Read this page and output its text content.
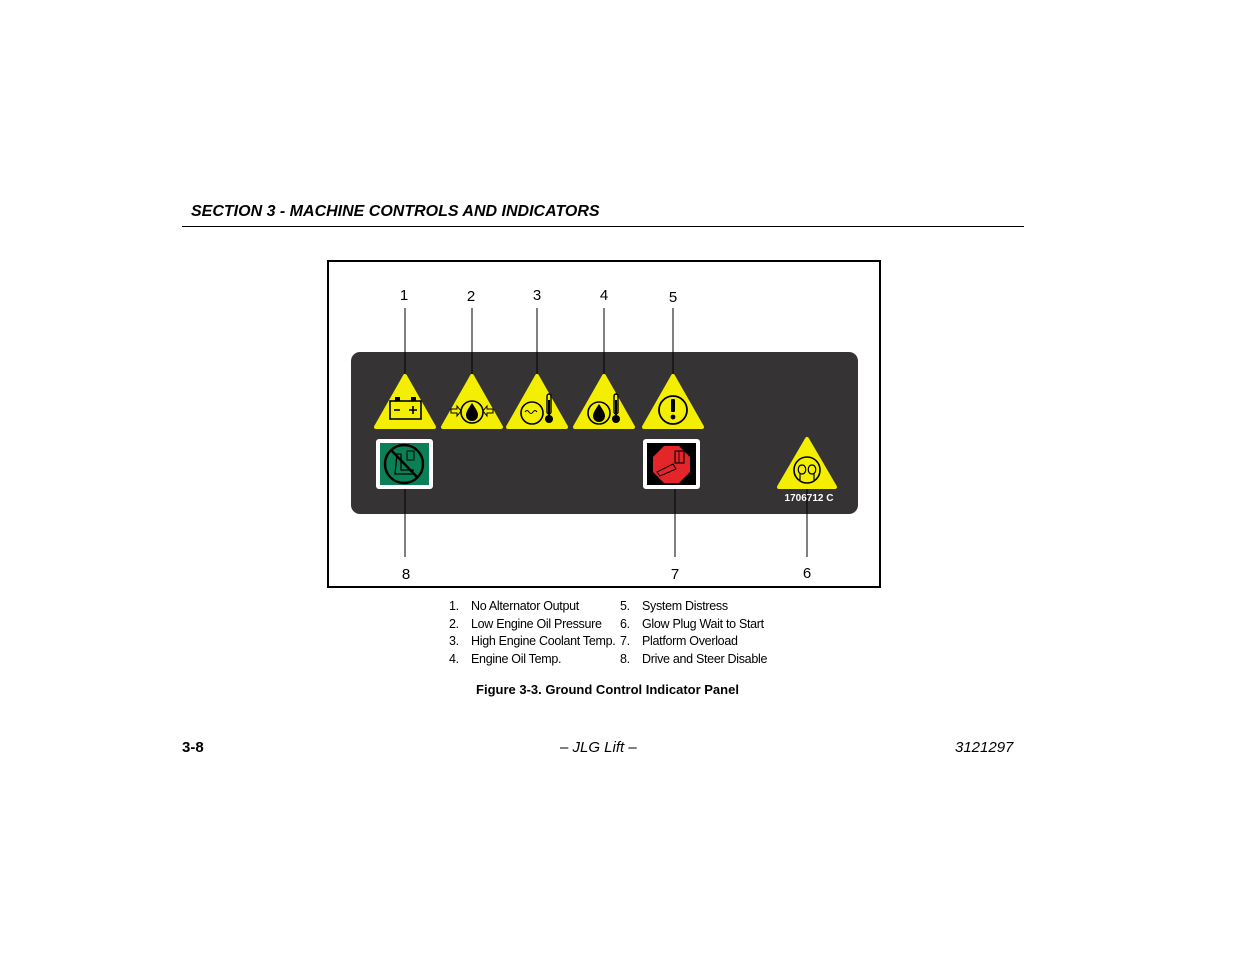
SECTION 3 - MACHINE CONTROLS AND INDICATORS
1	2	3	4	5
6
7
8
1706712 C
1. No Alternator Output
2. Low Engine Oil Pressure
3. High Engine Coolant Temp.
4. Engine Oil Temp.
5. System Distress
6. Glow Plug Wait to Start
7. Platform Overload
8. Drive and Steer Disable
Figure 3-3. Ground Control Indicator Panel
3-8	– JLG Lift –	3121297
